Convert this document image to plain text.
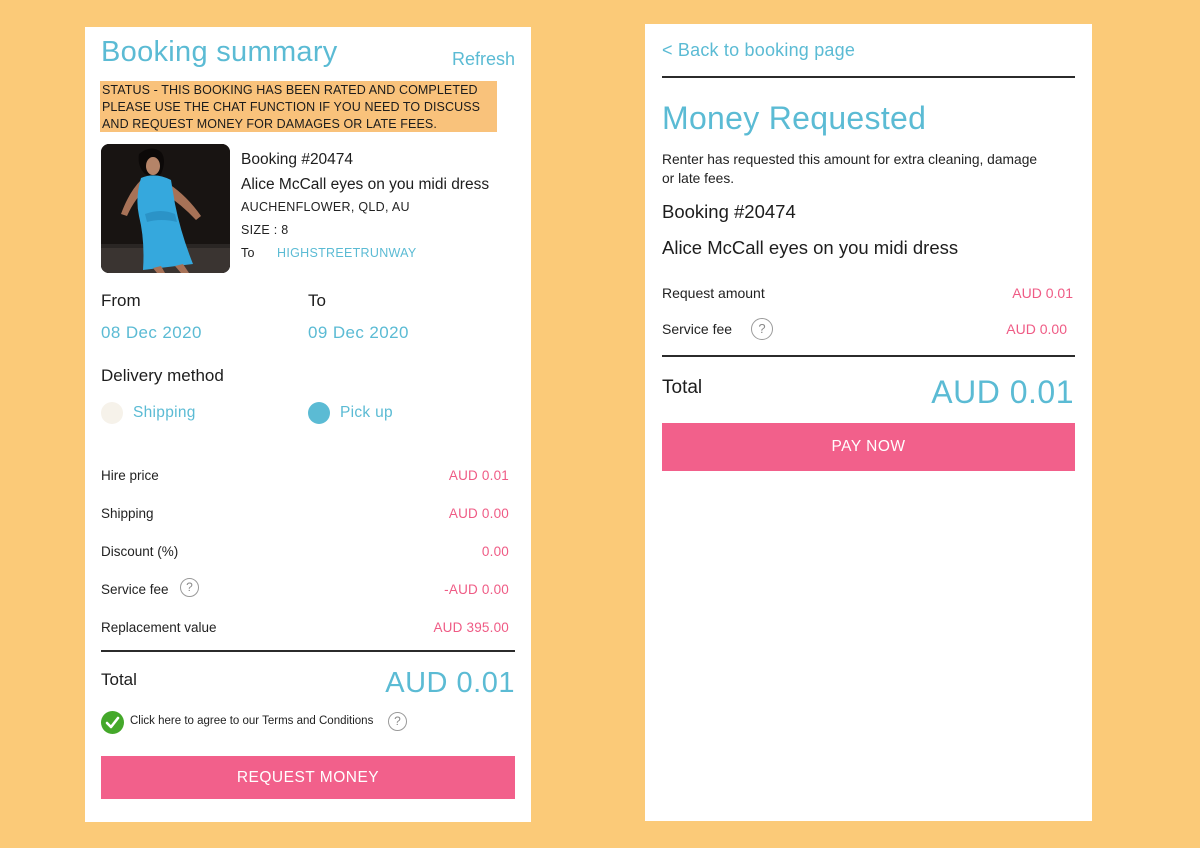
Booking summary	Refresh
STATUS - THIS BOOKING HAS BEEN RATED AND COMPLETED PLEASE USE THE CHAT FUNCTION IF YOU NEED TO DISCUSS AND REQUEST MONEY FOR DAMAGES OR LATE FEES.
Booking #20474
Alice McCall eyes on you midi dress
AUCHENFLOWER, QLD, AU
SIZE : 8
To HIGHSTREETRUNWAY
From	To
08 Dec 2020	09 Dec 2020
Delivery method
Shipping	Pick up
Hire price	AUD 0.01
Shipping	AUD 0.00
Discount (%)	0.00
Service fee	?	-AUD 0.00
Replacement value	AUD 395.00
Total	AUD 0.01
Click here to agree to our Terms and Conditions	?
REQUEST MONEY
< Back to booking page
Money Requested
Renter has requested this amount for extra cleaning, damage or late fees.
Booking #20474
Alice McCall eyes on you midi dress
Request amount	AUD 0.01
Service fee	?	AUD 0.00
Total	AUD 0.01
PAY NOW
